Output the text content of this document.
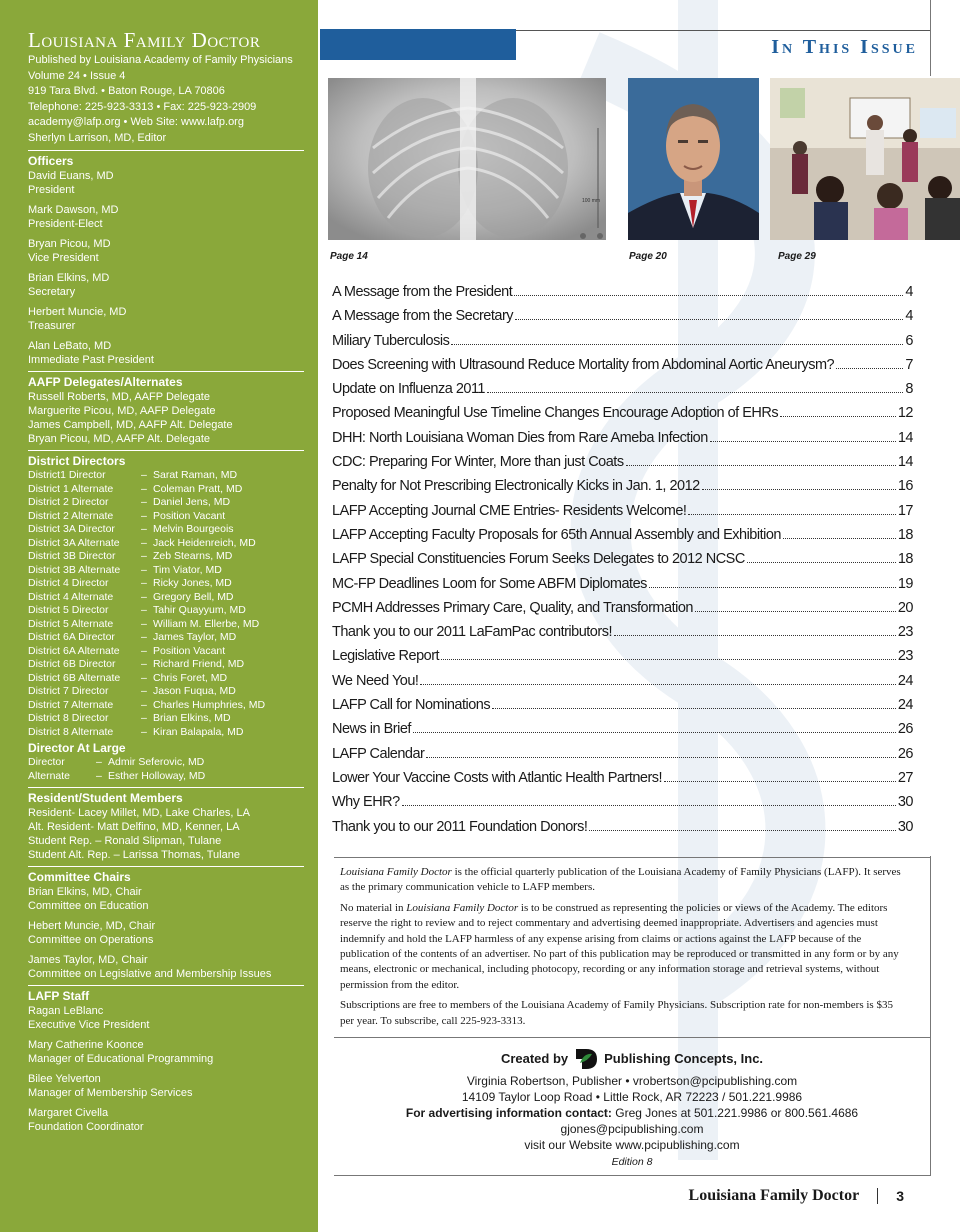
Louisiana Family Doctor
Published by Louisiana Academy of Family Physicians
Volume 24 • Issue 4
919 Tara Blvd. • Baton Rouge, LA 70806
Telephone: 225-923-3313 • Fax: 225-923-2909
academy@lafp.org • Web Site: www.lafp.org
Sherlyn Larrison, MD, Editor
Officers
David Euans, MD
President
Mark Dawson, MD
President-Elect
Bryan Picou, MD
Vice President
Brian Elkins, MD
Secretary
Herbert Muncie, MD
Treasurer
Alan LeBato, MD
Immediate Past President
AAFP Delegates/Alternates
Russell Roberts, MD, AAFP Delegate
Marguerite Picou, MD, AAFP Delegate
James Campbell, MD, AAFP Alt. Delegate
Bryan Picou, MD, AAFP Alt. Delegate
District Directors
District1 Director	– Sarat Raman, MD
District 1 Alternate	– Coleman Pratt, MD
District 2 Director	– Daniel Jens, MD
District 2 Alternate	– Position Vacant
District 3A Director	– Melvin Bourgeois
District 3A Alternate	– Jack Heidenreich, MD
District 3B Director	– Zeb Stearns, MD
District 3B Alternate	– Tim Viator, MD
District 4 Director	– Ricky Jones, MD
District 4 Alternate	– Gregory Bell, MD
District 5 Director	– Tahir Quayyum, MD
District 5 Alternate	– William M. Ellerbe, MD
District 6A Director	– James Taylor, MD
District 6A Alternate	– Position Vacant
District 6B Director	– Richard Friend, MD
District 6B Alternate	– Chris Foret, MD
District 7 Director	– Jason Fuqua, MD
District 7 Alternate	– Charles Humphries, MD
District 8 Director	– Brian Elkins, MD
District 8 Alternate	– Kiran Balapala, MD
Director At Large
Director	– Admir Seferovic, MD
Alternate	– Esther Holloway, MD
Resident/Student Members
Resident- Lacey Millet, MD, Lake Charles, LA
Alt. Resident- Matt Delfino, MD, Kenner, LA
Student Rep. – Ronald Slipman, Tulane
Student Alt. Rep. – Larissa Thomas, Tulane
Committee Chairs
Brian Elkins, MD, Chair
Committee on Education
Hebert Muncie, MD, Chair
Committee on Operations
James Taylor, MD, Chair
Committee on Legislative and Membership Issues
LAFP Staff
Ragan LeBlanc
Executive Vice President
Mary Catherine Koonce
Manager of Educational Programming
Bilee Yelverton
Manager of Membership Services
Margaret Civella
Foundation Coordinator
In This Issue
100 mm
Page 14	Page 20	Page 29
A Message from the President	4
A Message from the Secretary	4
Miliary Tuberculosis	6
Does Screening with Ultrasound Reduce Mortality from Abdominal Aortic Aneurysm?	7
Update on Influenza 2011	8
Proposed Meaningful Use Timeline Changes Encourage Adoption of EHRs	12
DHH: North Louisiana Woman Dies from Rare Ameba Infection	14
CDC: Preparing For Winter, More than just Coats	14
Penalty for Not Prescribing Electronically Kicks in Jan. 1, 2012	16
LAFP Accepting Journal CME Entries- Residents Welcome!	17
LAFP Accepting Faculty Proposals for 65th Annual Assembly and Exhibition	18
LAFP Special Constituencies Forum Seeks Delegates to 2012 NCSC	18
MC-FP Deadlines Loom for Some ABFM Diplomates	19
PCMH Addresses Primary Care, Quality, and Transformation	20
Thank you to our 2011 LaFamPac contributors!	23
Legislative Report	23
We Need You!	24
LAFP Call for Nominations	24
News in Brief	26
LAFP Calendar	26
Lower Your Vaccine Costs with Atlantic Health Partners!	27
Why EHR?	30
Thank you to our 2011 Foundation Donors!	30

Louisiana Family Doctor is the official quarterly publication of the Louisiana Academy of Family Physicians (LAFP). It serves as the primary communication vehicle to LAFP members.

No material in Louisiana Family Doctor is to be construed as representing the policies or views of the Academy. The editors reserve the right to review and to reject commentary and advertising deemed inappropriate. Advertisers and agencies must indemnify and hold the LAFP harmless of any expense arising from claims or actions against the LAFP because of the publication of the contents of an advertiser. No part of this publication may be reproduced or transmitted in any form or by any means, electronic or mechanical, including photocopy, recording or any information storage and retrieval systems, without permission from the editor.

Subscriptions are free to members of the Louisiana Academy of Family Physicians. Subscription rate for non-members is $35 per year. To subscribe, call 225-923-3313.

Created by	Publishing Concepts, Inc.
Virginia Robertson, Publisher • vrobertson@pcipublishing.com
14109 Taylor Loop Road • Little Rock, AR 72223 / 501.221.9986
For advertising information contact: Greg Jones at 501.221.9986 or 800.561.4686
gjones@pcipublishing.com
visit our Website www.pcipublishing.com
Edition 8
Louisiana Family Doctor	3
